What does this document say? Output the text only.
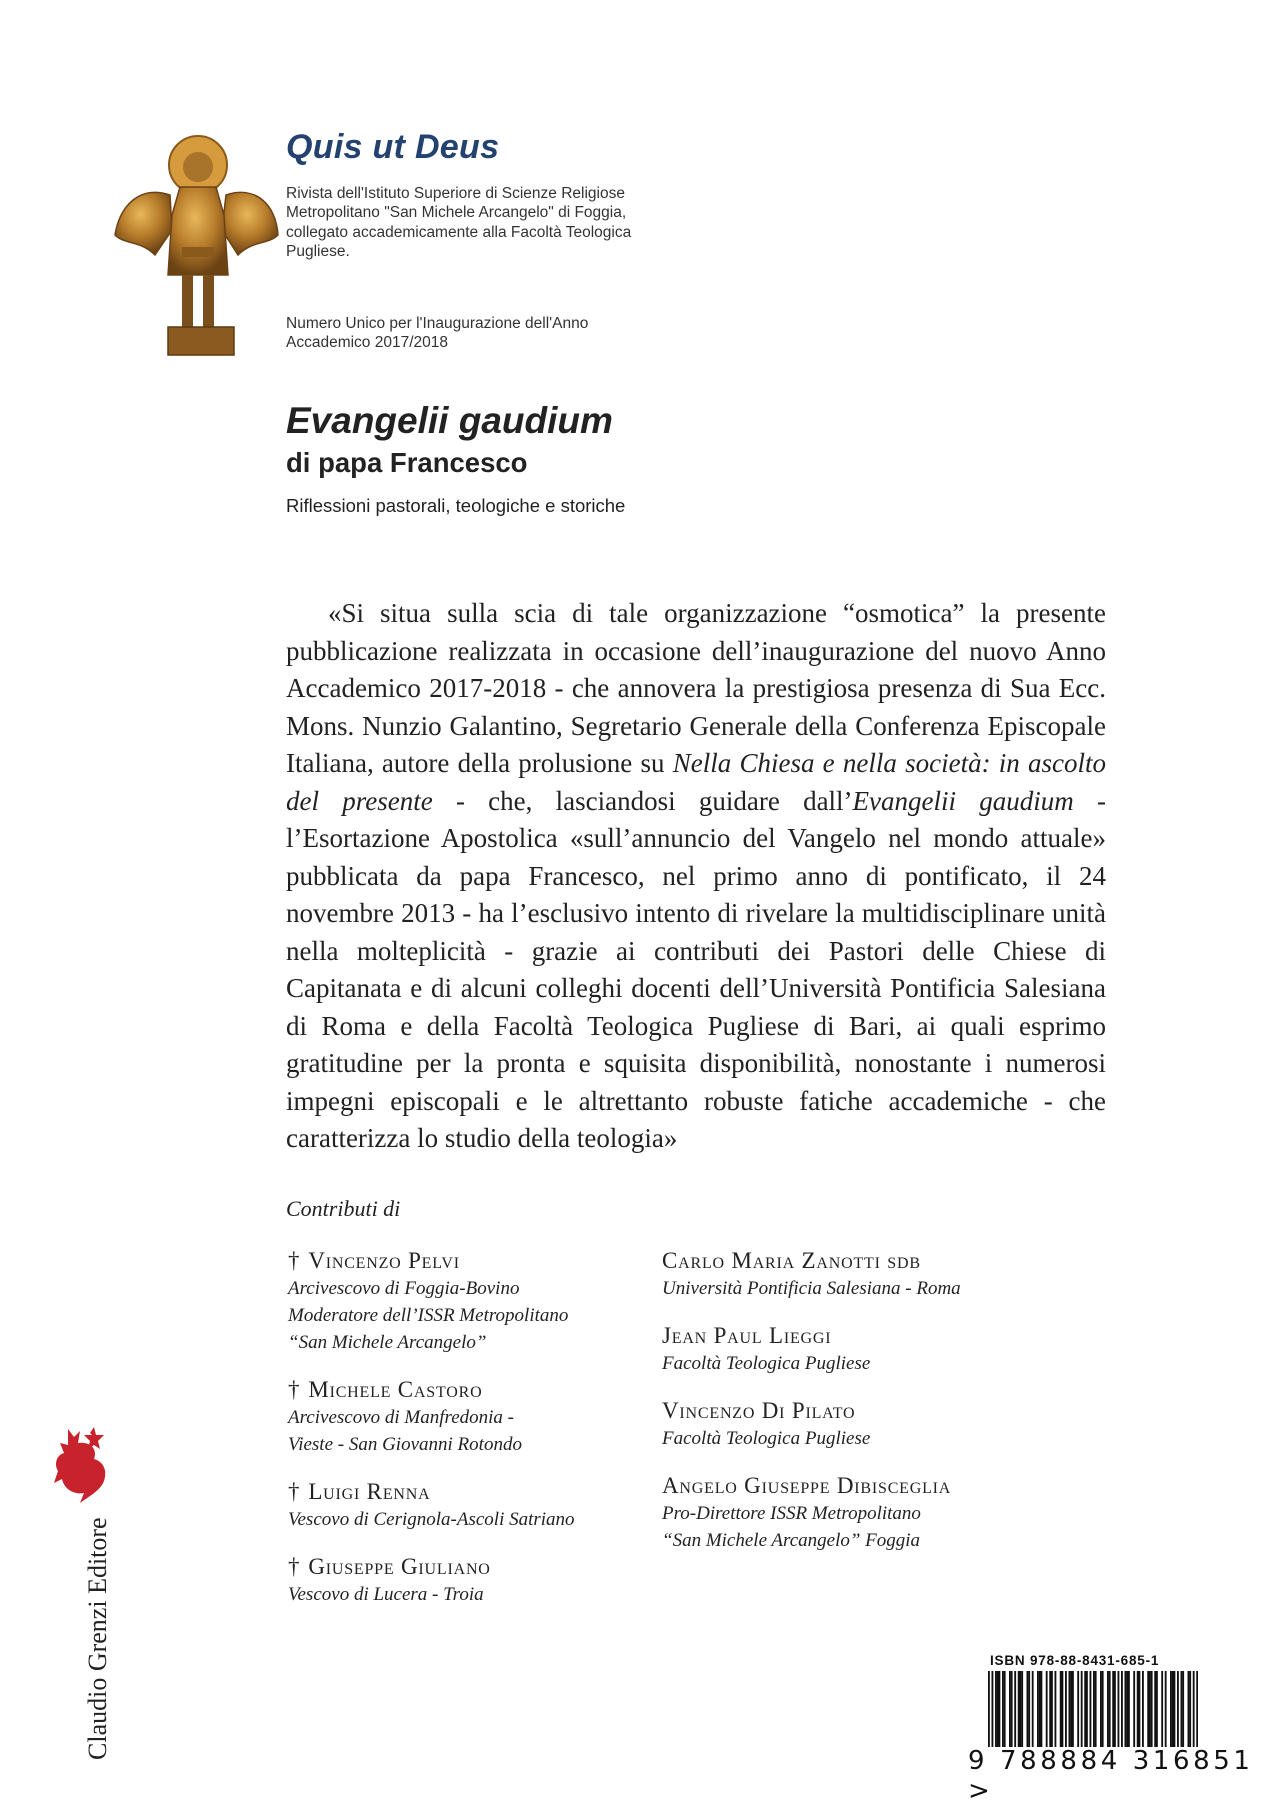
Quis ut Deus
Rivista dell'Istituto Superiore di Scienze Religiose Metropolitano "San Michele Arcangelo" di Foggia, collegato accademicamente alla Facoltà Teologica Pugliese.
Numero Unico per l'Inaugurazione dell'Anno Accademico 2017/2018
Evangelii gaudium
di papa Francesco
Riflessioni pastorali, teologiche e storiche

«Si situa sulla scia di tale organizzazione “osmotica” la presente pubblicazione realizzata in occasione dell’inaugurazione del nuovo Anno Accademico 2017-2018 - che annovera la prestigiosa presenza di Sua Ecc. Mons. Nunzio Galantino, Segretario Generale della Conferenza Episcopale Italiana, autore della prolusione su Nella Chiesa e nella società: in ascolto del presente - che, lasciandosi guidare dall’Evangelii gaudium - l’Esortazione Apostolica «sull’annuncio del Vangelo nel mondo attuale» pubblicata da papa Francesco, nel primo anno di pontificato, il 24 novembre 2013 - ha l’esclusivo intento di rivelare la multidisciplinare unità nella molteplicità - grazie ai contributi dei Pastori delle Chiese di Capitanata e di alcuni colleghi docenti dell’Università Pontificia Salesiana di Roma e della Facoltà Teologica Pugliese di Bari, ai quali esprimo gratitudine per la pronta e squisita disponibilità, nonostante i numerosi impegni episcopali e le altrettanto robuste fatiche accademiche - che caratterizza lo studio della teologia»

Contributi di
† Vincenzo Pelvi
Arcivescovo di Foggia-Bovino
Moderatore dell’ISSR Metropolitano
“San Michele Arcangelo”
† Michele Castoro
Arcivescovo di Manfredonia -
Vieste - San Giovanni Rotondo
† Luigi Renna
Vescovo di Cerignola-Ascoli Satriano
† Giuseppe Giuliano
Vescovo di Lucera - Troia
Carlo Maria Zanotti sdb
Università Pontificia Salesiana - Roma
Jean Paul Lieggi
Facoltà Teologica Pugliese
Vincenzo Di Pilato
Facoltà Teologica Pugliese
Angelo Giuseppe Dibisceglia
Pro-Direttore ISSR Metropolitano
“San Michele Arcangelo” Foggia
Claudio Grenzi Editore	ISBN 978-88-8431-685-1
9 788884 316851 >
